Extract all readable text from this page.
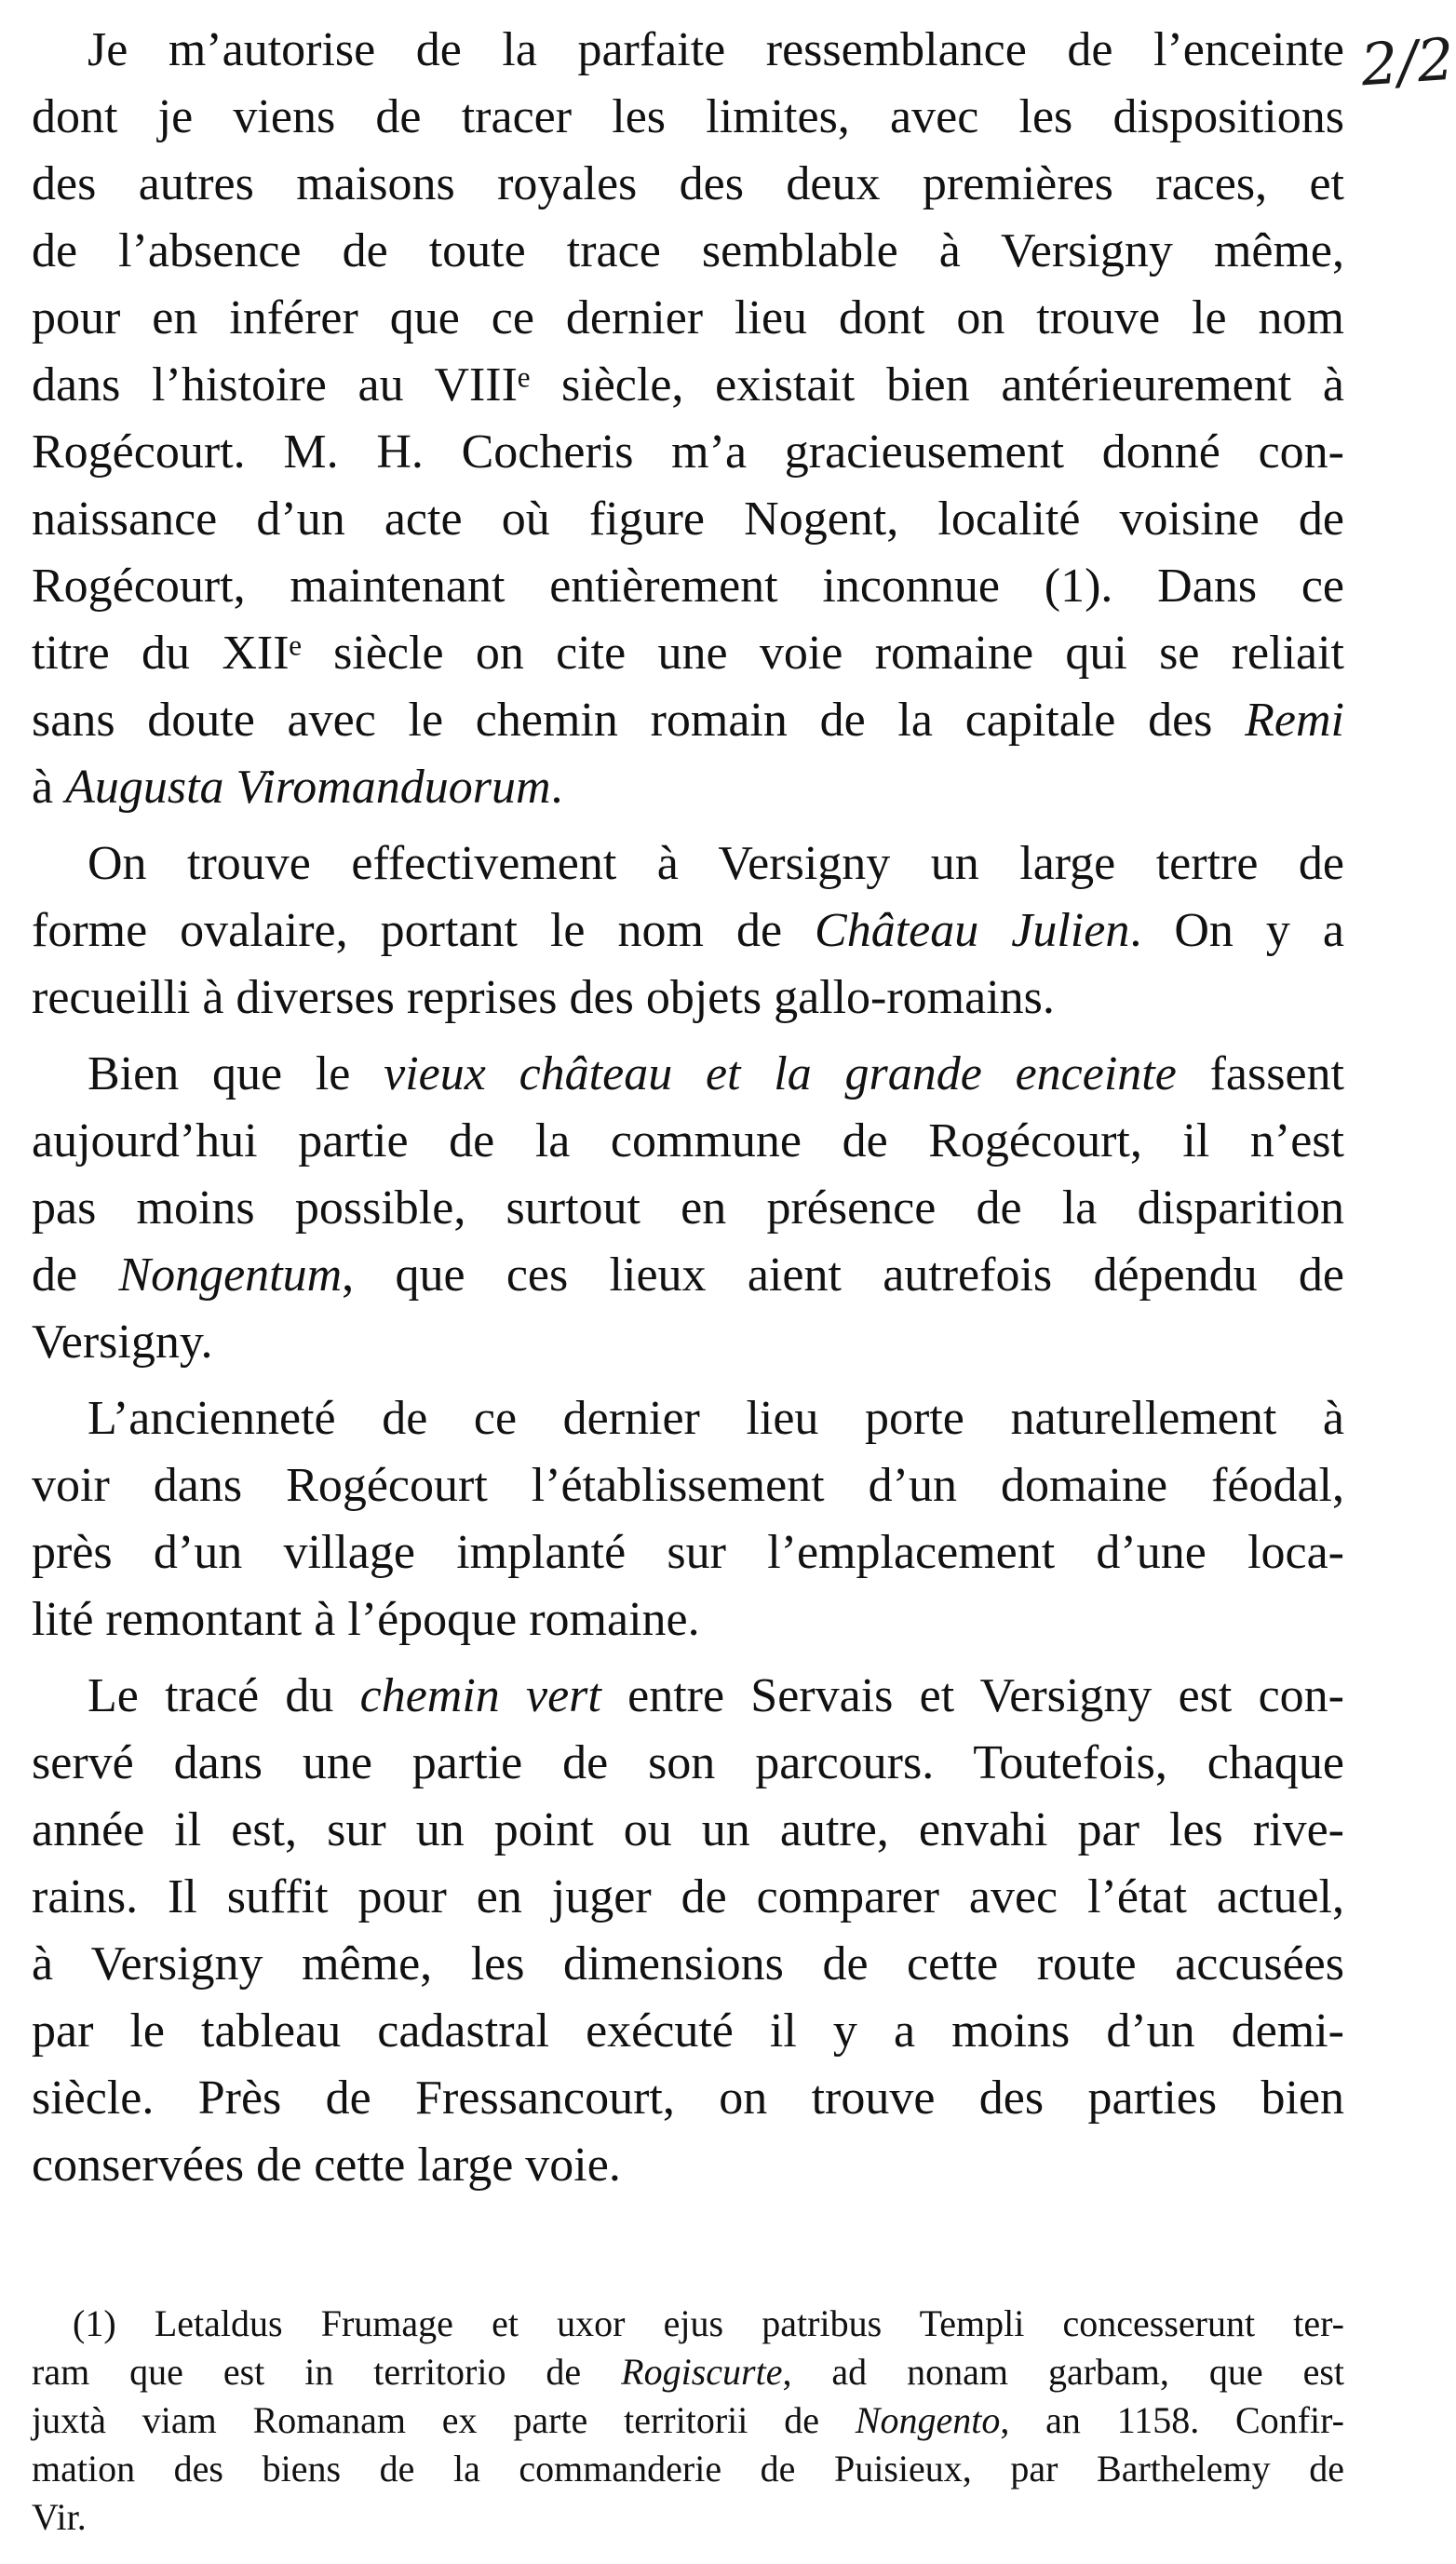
2/2
Je m’autorise de la parfaite ressemblance de l’enceinte
dont je viens de tracer les limites, avec les dispositions
des autres maisons royales des deux premières races, et
de l’absence de toute trace semblable à Versigny même,
pour en inférer que ce dernier lieu dont on trouve le nom
dans l’histoire au VIIIᵉ siècle, existait bien antérieurement à
Rogécourt. M. H. Cocheris m’a gracieusement donné con-
naissance d’un acte où figure Nogent, localité voisine de
Rogécourt, maintenant entièrement inconnue (1). Dans ce
titre du XIIᵉ siècle on cite une voie romaine qui se reliait
sans doute avec le chemin romain de la capitale des Remi
à Augusta Viromanduorum.
On trouve effectivement à Versigny un large tertre de
forme ovalaire, portant le nom de Château Julien. On y a
recueilli à diverses reprises des objets gallo-romains.
Bien que le vieux château et la grande enceinte fassent
aujourd’hui partie de la commune de Rogécourt, il n’est
pas moins possible, surtout en présence de la disparition
de Nongentum, que ces lieux aient autrefois dépendu de
Versigny.
L’ancienneté de ce dernier lieu porte naturellement à
voir dans Rogécourt l’établissement d’un domaine féodal,
près d’un village implanté sur l’emplacement d’une loca-
lité remontant à l’époque romaine.
Le tracé du chemin vert entre Servais et Versigny est con-
servé dans une partie de son parcours. Toutefois, chaque
année il est, sur un point ou un autre, envahi par les rive-
rains. Il suffit pour en juger de comparer avec l’état actuel,
à Versigny même, les dimensions de cette route accusées
par le tableau cadastral exécuté il y a moins d’un demi-
siècle. Près de Fressancourt, on trouve des parties bien
conservées de cette large voie.
(1) Letaldus Frumage et uxor ejus patribus Templi concesserunt ter-
ram que est in territorio de Rogiscurte, ad nonam garbam, que est
juxtà viam Romanam ex parte territorii de Nongento, an 1158. Confir-
mation des biens de la commanderie de Puisieux, par Barthelemy de
Vir.
